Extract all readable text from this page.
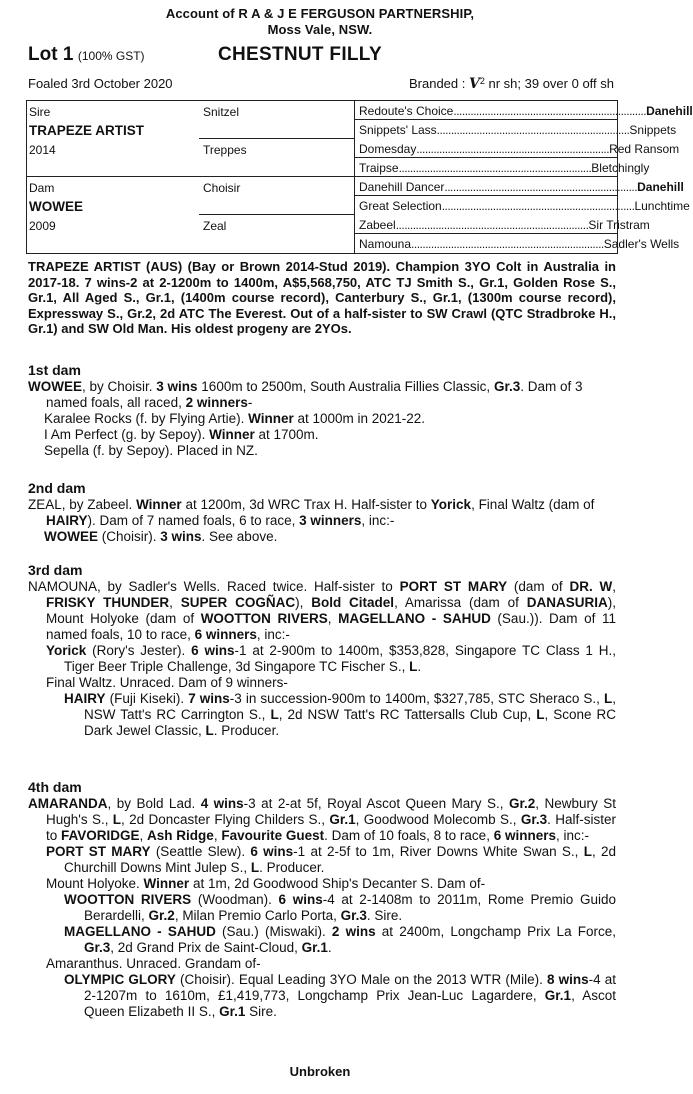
Account of R A & J E FERGUSON PARTNERSHIP,
Moss Vale, NSW.
Lot 1 (100% GST)	CHESTNUT FILLY
Foaled 3rd October 2020	Branded : $V^2$ nr sh; 39 over 0 off sh
Sire
TRAPEZE ARTIST
2014
Snitzel
Treppes
Dam
WOWEE
2009
Choisir
Zeal
Redoute's Choice .................................................................... Danehill
Snippets' Lass .................................................................... Snippets
Domesday .................................................................... Red Ransom
Traipse .................................................................... Bletchingly
Danehill Dancer .................................................................... Danehill
Great Selection .................................................................... Lunchtime
Zabeel .................................................................... Sir Tristram
Namouna .................................................................... Sadler's Wells
TRAPEZE ARTIST (AUS) (Bay or Brown 2014-Stud 2019). Champion 3YO Colt in Australia in 2017-18. 7 wins-2 at 2-1200m to 1400m, A$5,568,750, ATC TJ Smith S., Gr.1, Golden Rose S., Gr.1, All Aged S., Gr.1, (1400m course record), Canterbury S., Gr.1, (1300m course record), Expressway S., Gr.2, 2d ATC The Everest. Out of a half-sister to SW Crawl (QTC Stradbroke H., Gr.1) and SW Old Man. His oldest progeny are 2YOs.
1st dam
WOWEE, by Choisir. 3 wins 1600m to 2500m, South Australia Fillies Classic, Gr.3. Dam of 3 named foals, all raced, 2 winners-
Karalee Rocks (f. by Flying Artie). Winner at 1000m in 2021-22.
I Am Perfect (g. by Sepoy). Winner at 1700m.
Sepella (f. by Sepoy). Placed in NZ.
2nd dam
ZEAL, by Zabeel. Winner at 1200m, 3d WRC Trax H. Half-sister to Yorick, Final Waltz (dam of HAIRY). Dam of 7 named foals, 6 to race, 3 winners, inc:-
WOWEE (Choisir). 3 wins. See above.
3rd dam
NAMOUNA, by Sadler's Wells. Raced twice. Half-sister to PORT ST MARY (dam of DR. W, FRISKY THUNDER, SUPER COGÑAC), Bold Citadel, Amarissa (dam of DANASURIA), Mount Holyoke (dam of WOOTTON RIVERS, MAGELLANO - SAHUD (Sau.)). Dam of 11 named foals, 10 to race, 6 winners, inc:-
Yorick (Rory's Jester). 6 wins-1 at 2-900m to 1400m, $353,828, Singapore TC Class 1 H., Tiger Beer Triple Challenge, 3d Singapore TC Fischer S., L.
Final Waltz. Unraced. Dam of 9 winners-
HAIRY (Fuji Kiseki). 7 wins-3 in succession-900m to 1400m, $327,785, STC Sheraco S., L, NSW Tatt's RC Carrington S., L, 2d NSW Tatt's RC Tattersalls Club Cup, L, Scone RC Dark Jewel Classic, L. Producer.
4th dam
AMARANDA, by Bold Lad. 4 wins-3 at 2-at 5f, Royal Ascot Queen Mary S., Gr.2, Newbury St Hugh's S., L, 2d Doncaster Flying Childers S., Gr.1, Goodwood Molecomb S., Gr.3. Half-sister to FAVORIDGE, Ash Ridge, Favourite Guest. Dam of 10 foals, 8 to race, 6 winners, inc:-
PORT ST MARY (Seattle Slew). 6 wins-1 at 2-5f to 1m, River Downs White Swan S., L, 2d Churchill Downs Mint Julep S., L. Producer.
Mount Holyoke. Winner at 1m, 2d Goodwood Ship's Decanter S. Dam of-
WOOTTON RIVERS (Woodman). 6 wins-4 at 2-1408m to 2011m, Rome Premio Guido Berardelli, Gr.2, Milan Premio Carlo Porta, Gr.3. Sire.
MAGELLANO - SAHUD (Sau.) (Miswaki). 2 wins at 2400m, Longchamp Prix La Force, Gr.3, 2d Grand Prix de Saint-Cloud, Gr.1.
Amaranthus. Unraced. Grandam of-
OLYMPIC GLORY (Choisir). Equal Leading 3YO Male on the 2013 WTR (Mile). 8 wins-4 at 2-1207m to 1610m, £1,419,773, Longchamp Prix Jean-Luc Lagardere, Gr.1, Ascot Queen Elizabeth II S., Gr.1 Sire.
Unbroken
